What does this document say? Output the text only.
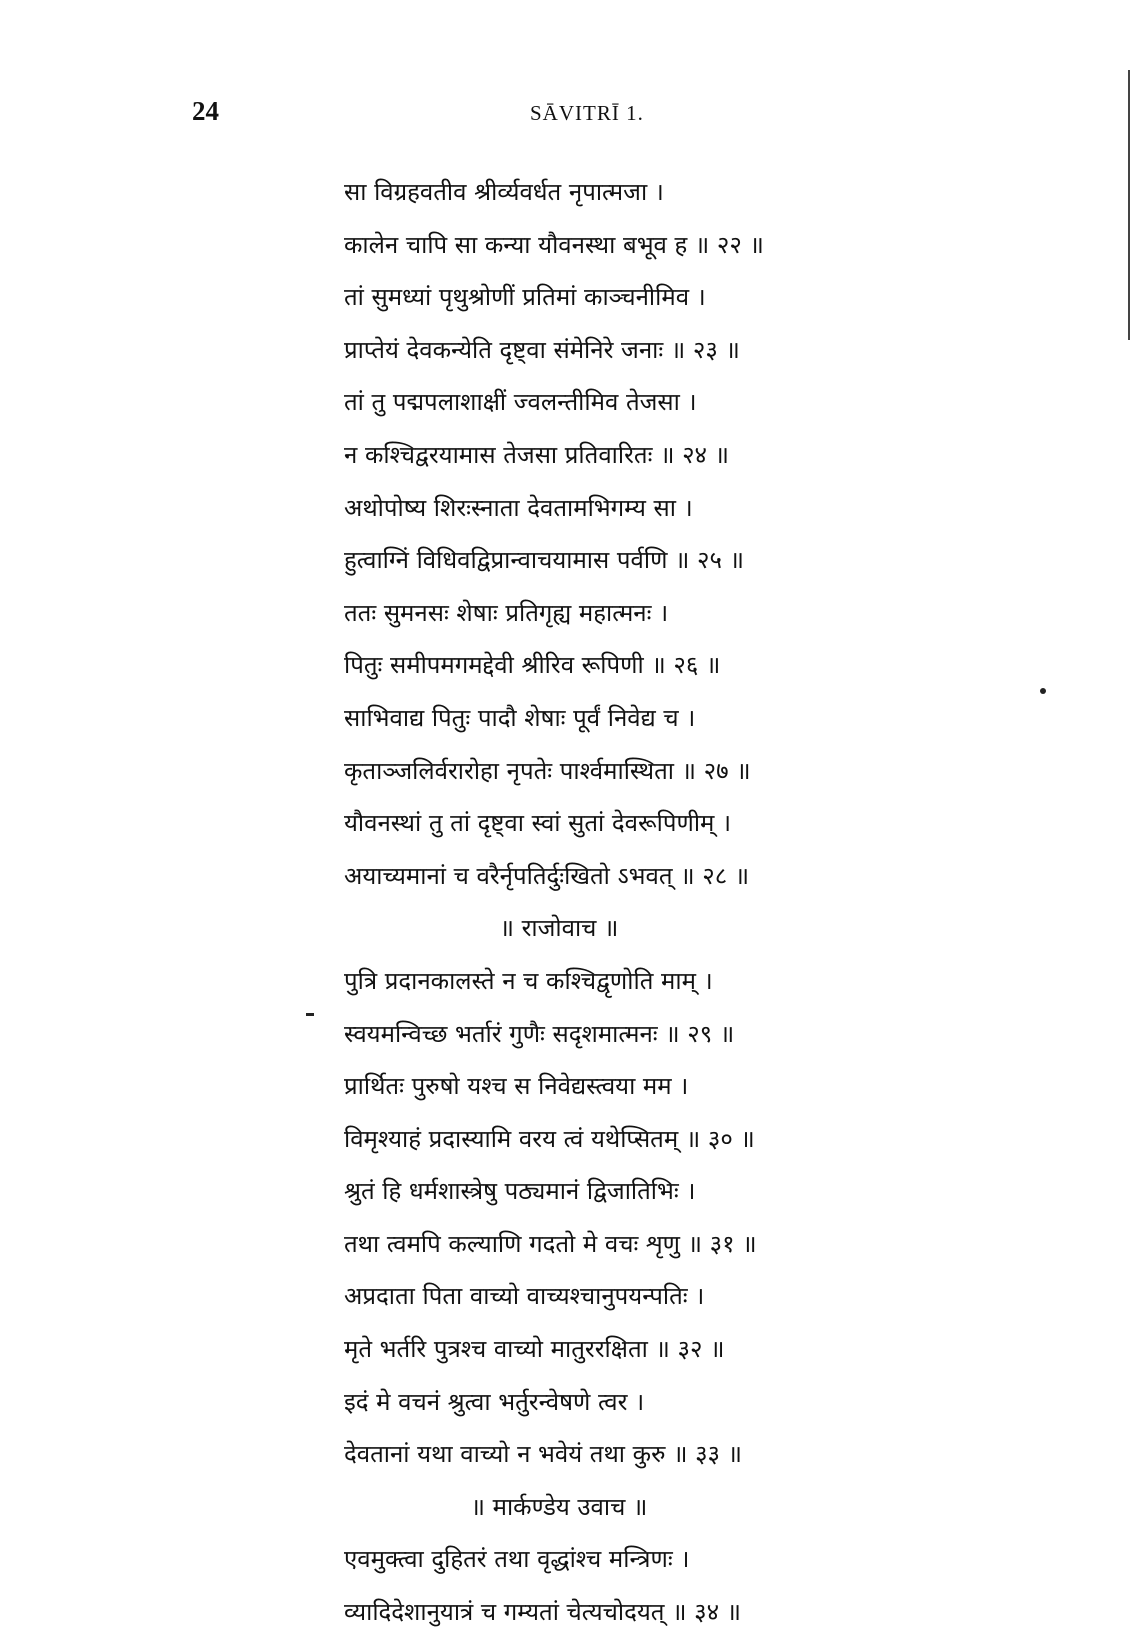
24	SĀVITRĪ 1.
सा विग्रहवतीव श्रीर्व्यवर्धत नृपात्मजा ।
कालेन चापि सा कन्या यौवनस्था बभूव ह ॥ २२ ॥
तां सुमध्यां पृथुश्रोणीं प्रतिमां काञ्चनीमिव ।
प्राप्तेयं देवकन्येति दृष्ट्वा संमेनिरे जनाः ॥ २३ ॥
तां तु पद्मपलाशाक्षीं ज्वलन्तीमिव तेजसा ।
न कश्चिद्वरयामास तेजसा प्रतिवारितः ॥ २४ ॥
अथोपोष्य शिरःस्नाता देवतामभिगम्य सा ।
हुत्वाग्निं विधिवद्विप्रान्वाचयामास पर्वणि ॥ २५ ॥
ततः सुमनसः शेषाः प्रतिगृह्य महात्मनः ।
पितुः समीपमगमद्देवी श्रीरिव रूपिणी ॥ २६ ॥
साभिवाद्य पितुः पादौ शेषाः पूर्वं निवेद्य च ।
कृताञ्जलिर्वरारोहा नृपतेः पार्श्वमास्थिता ॥ २७ ॥
यौवनस्थां तु तां दृष्ट्वा स्वां सुतां देवरूपिणीम् ।
अयाच्यमानां च वरैर्नृपतिर्दुःखितो ऽभवत् ॥ २८ ॥
॥ राजोवाच ॥
पुत्रि प्रदानकालस्ते न च कश्चिद्वृणोति माम् ।
स्वयमन्विच्छ भर्तारं गुणैः सदृशमात्मनः ॥ २९ ॥
प्रार्थितः पुरुषो यश्च स निवेद्यस्त्वया मम ।
विमृश्याहं प्रदास्यामि वरय त्वं यथेप्सितम् ॥ ३० ॥
श्रुतं हि धर्मशास्त्रेषु पठ्यमानं द्विजातिभिः ।
तथा त्वमपि कल्याणि गदतो मे वचः शृणु ॥ ३१ ॥
अप्रदाता पिता वाच्यो वाच्यश्चानुपयन्पतिः ।
मृते भर्तरि पुत्रश्च वाच्यो मातुररक्षिता ॥ ३२ ॥
इदं मे वचनं श्रुत्वा भर्तुरन्वेषणे त्वर ।
देवतानां यथा वाच्यो न भवेयं तथा कुरु ॥ ३३ ॥
॥ मार्कण्डेय उवाच ॥
एवमुक्त्वा दुहितरं तथा वृद्धांश्च मन्त्रिणः ।
व्यादिदेशानुयात्रं च गम्यतां चेत्यचोदयत् ॥ ३४ ॥
